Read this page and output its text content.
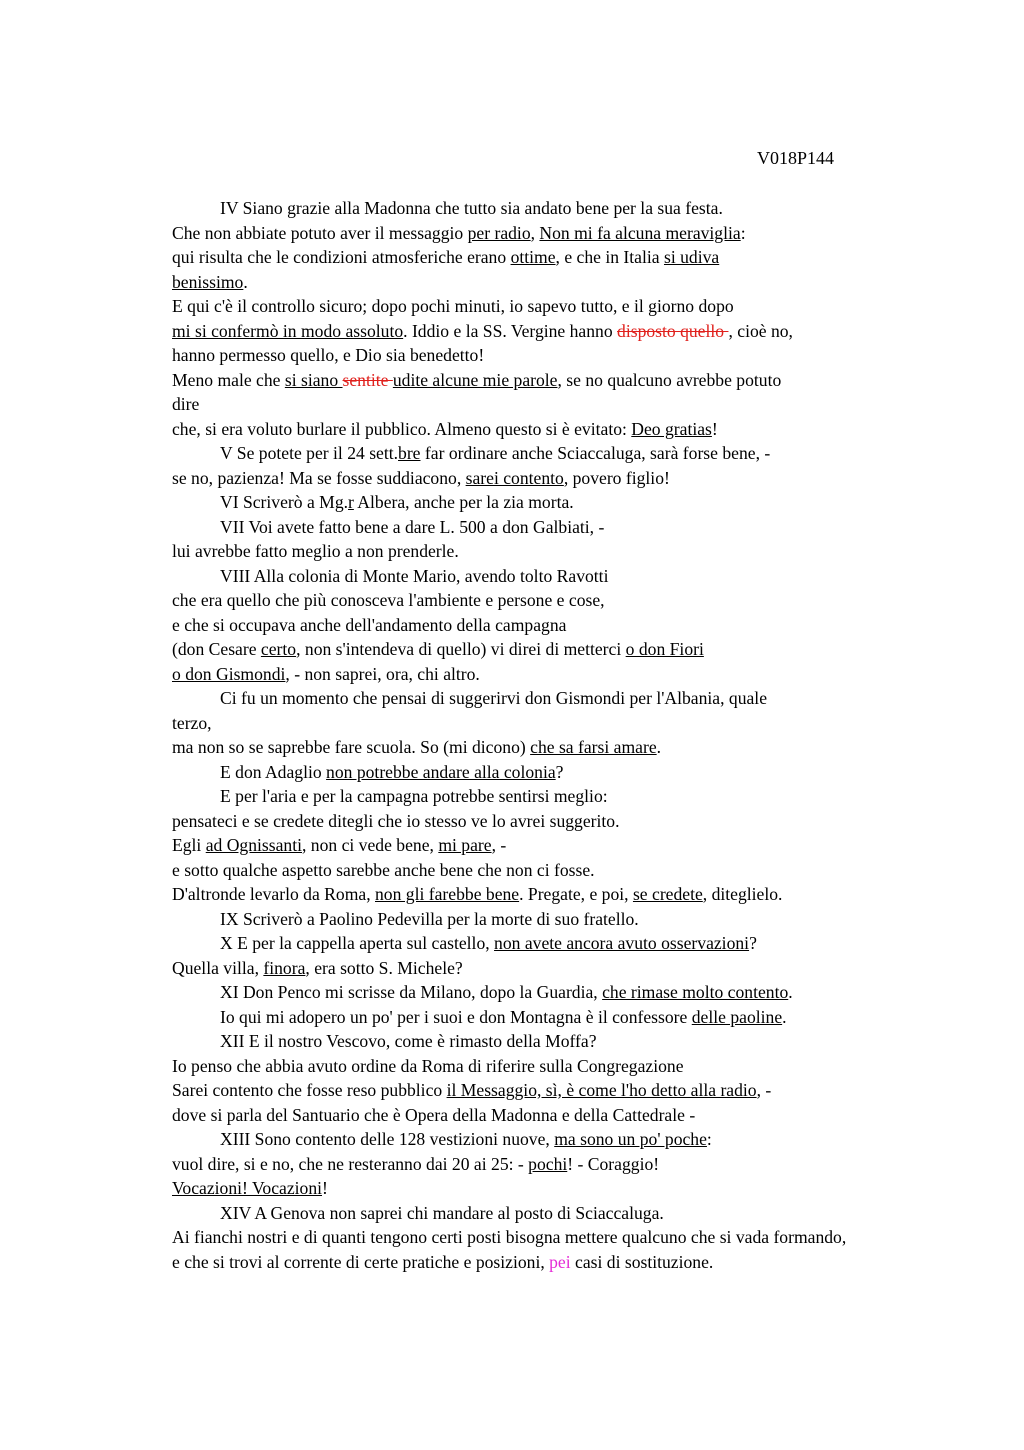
V018P144
IV Siano grazie alla Madonna che tutto sia andato bene per la sua festa.
Che non abbiate potuto aver il messaggio per radio, Non mi fa alcuna meraviglia:
qui risulta che le condizioni atmosferiche erano ottime, e che in Italia si udiva
benissimo.
E qui c'è il controllo sicuro; dopo pochi minuti, io sapevo tutto, e il giorno dopo
mi si confermò in modo assoluto. Iddio e la SS. Vergine hanno disposto quello , cioè no,
hanno permesso quello, e Dio sia benedetto!
Meno male che si siano sentite udite alcune mie parole, se no qualcuno avrebbe potuto
dire
che, si era voluto burlare il pubblico. Almeno questo si è evitato: Deo gratias!
V Se potete per il 24 sett.bre far ordinare anche Sciaccaluga, sarà forse bene, -
se no, pazienza! Ma se fosse suddiacono, sarei contento, povero figlio!
VI Scriverò a Mg.r Albera, anche per la zia morta.
VII Voi avete fatto bene a dare L. 500 a don Galbiati, -
lui avrebbe fatto meglio a non prenderle.
VIII Alla colonia di Monte Mario, avendo tolto Ravotti
che era quello che più conosceva l'ambiente e persone e cose,
e che si occupava anche dell'andamento della campagna
(don Cesare certo, non s'intendeva di quello) vi direi di metterci o don Fiori
o don Gismondi, - non saprei, ora, chi altro.
Ci fu un momento che pensai di suggerirvi don Gismondi per l'Albania, quale
terzo,
ma non so se saprebbe fare scuola. So (mi dicono) che sa farsi amare.
E don Adaglio non potrebbe andare alla colonia?
E per l'aria e per la campagna potrebbe sentirsi meglio:
pensateci e se credete ditegli che io stesso ve lo avrei suggerito.
Egli ad Ognissanti, non ci vede bene, mi pare, -
e sotto qualche aspetto sarebbe anche bene che non ci fosse.
D'altronde levarlo da Roma, non gli farebbe bene. Pregate, e poi, se credete, diteglielo.
IX Scriverò a Paolino Pedevilla per la morte di suo fratello.
X E per la cappella aperta sul castello, non avete ancora avuto osservazioni?
Quella villa, finora, era sotto S. Michele?
XI Don Penco mi scrisse da Milano, dopo la Guardia, che rimase molto contento.
Io qui mi adopero un po' per i suoi e don Montagna è il confessore delle paoline.
XII E il nostro Vescovo, come è rimasto della Moffa?
Io penso che abbia avuto ordine da Roma di riferire sulla Congregazione
Sarei contento che fosse reso pubblico il Messaggio, sì, è come l'ho detto alla radio, -
dove si parla del Santuario che è Opera della Madonna e della Cattedrale -
XIII Sono contento delle 128 vestizioni nuove, ma sono un po' poche:
vuol dire, si e no, che ne resteranno dai 20 ai 25: - pochi! - Coraggio!
Vocazioni! Vocazioni!
XIV A Genova non saprei chi mandare al posto di Sciaccaluga.
Ai fianchi nostri e di quanti tengono certi posti bisogna mettere qualcuno che si vada formando,
e che si trovi al corrente di certe pratiche e posizioni, pei casi di sostituzione.
